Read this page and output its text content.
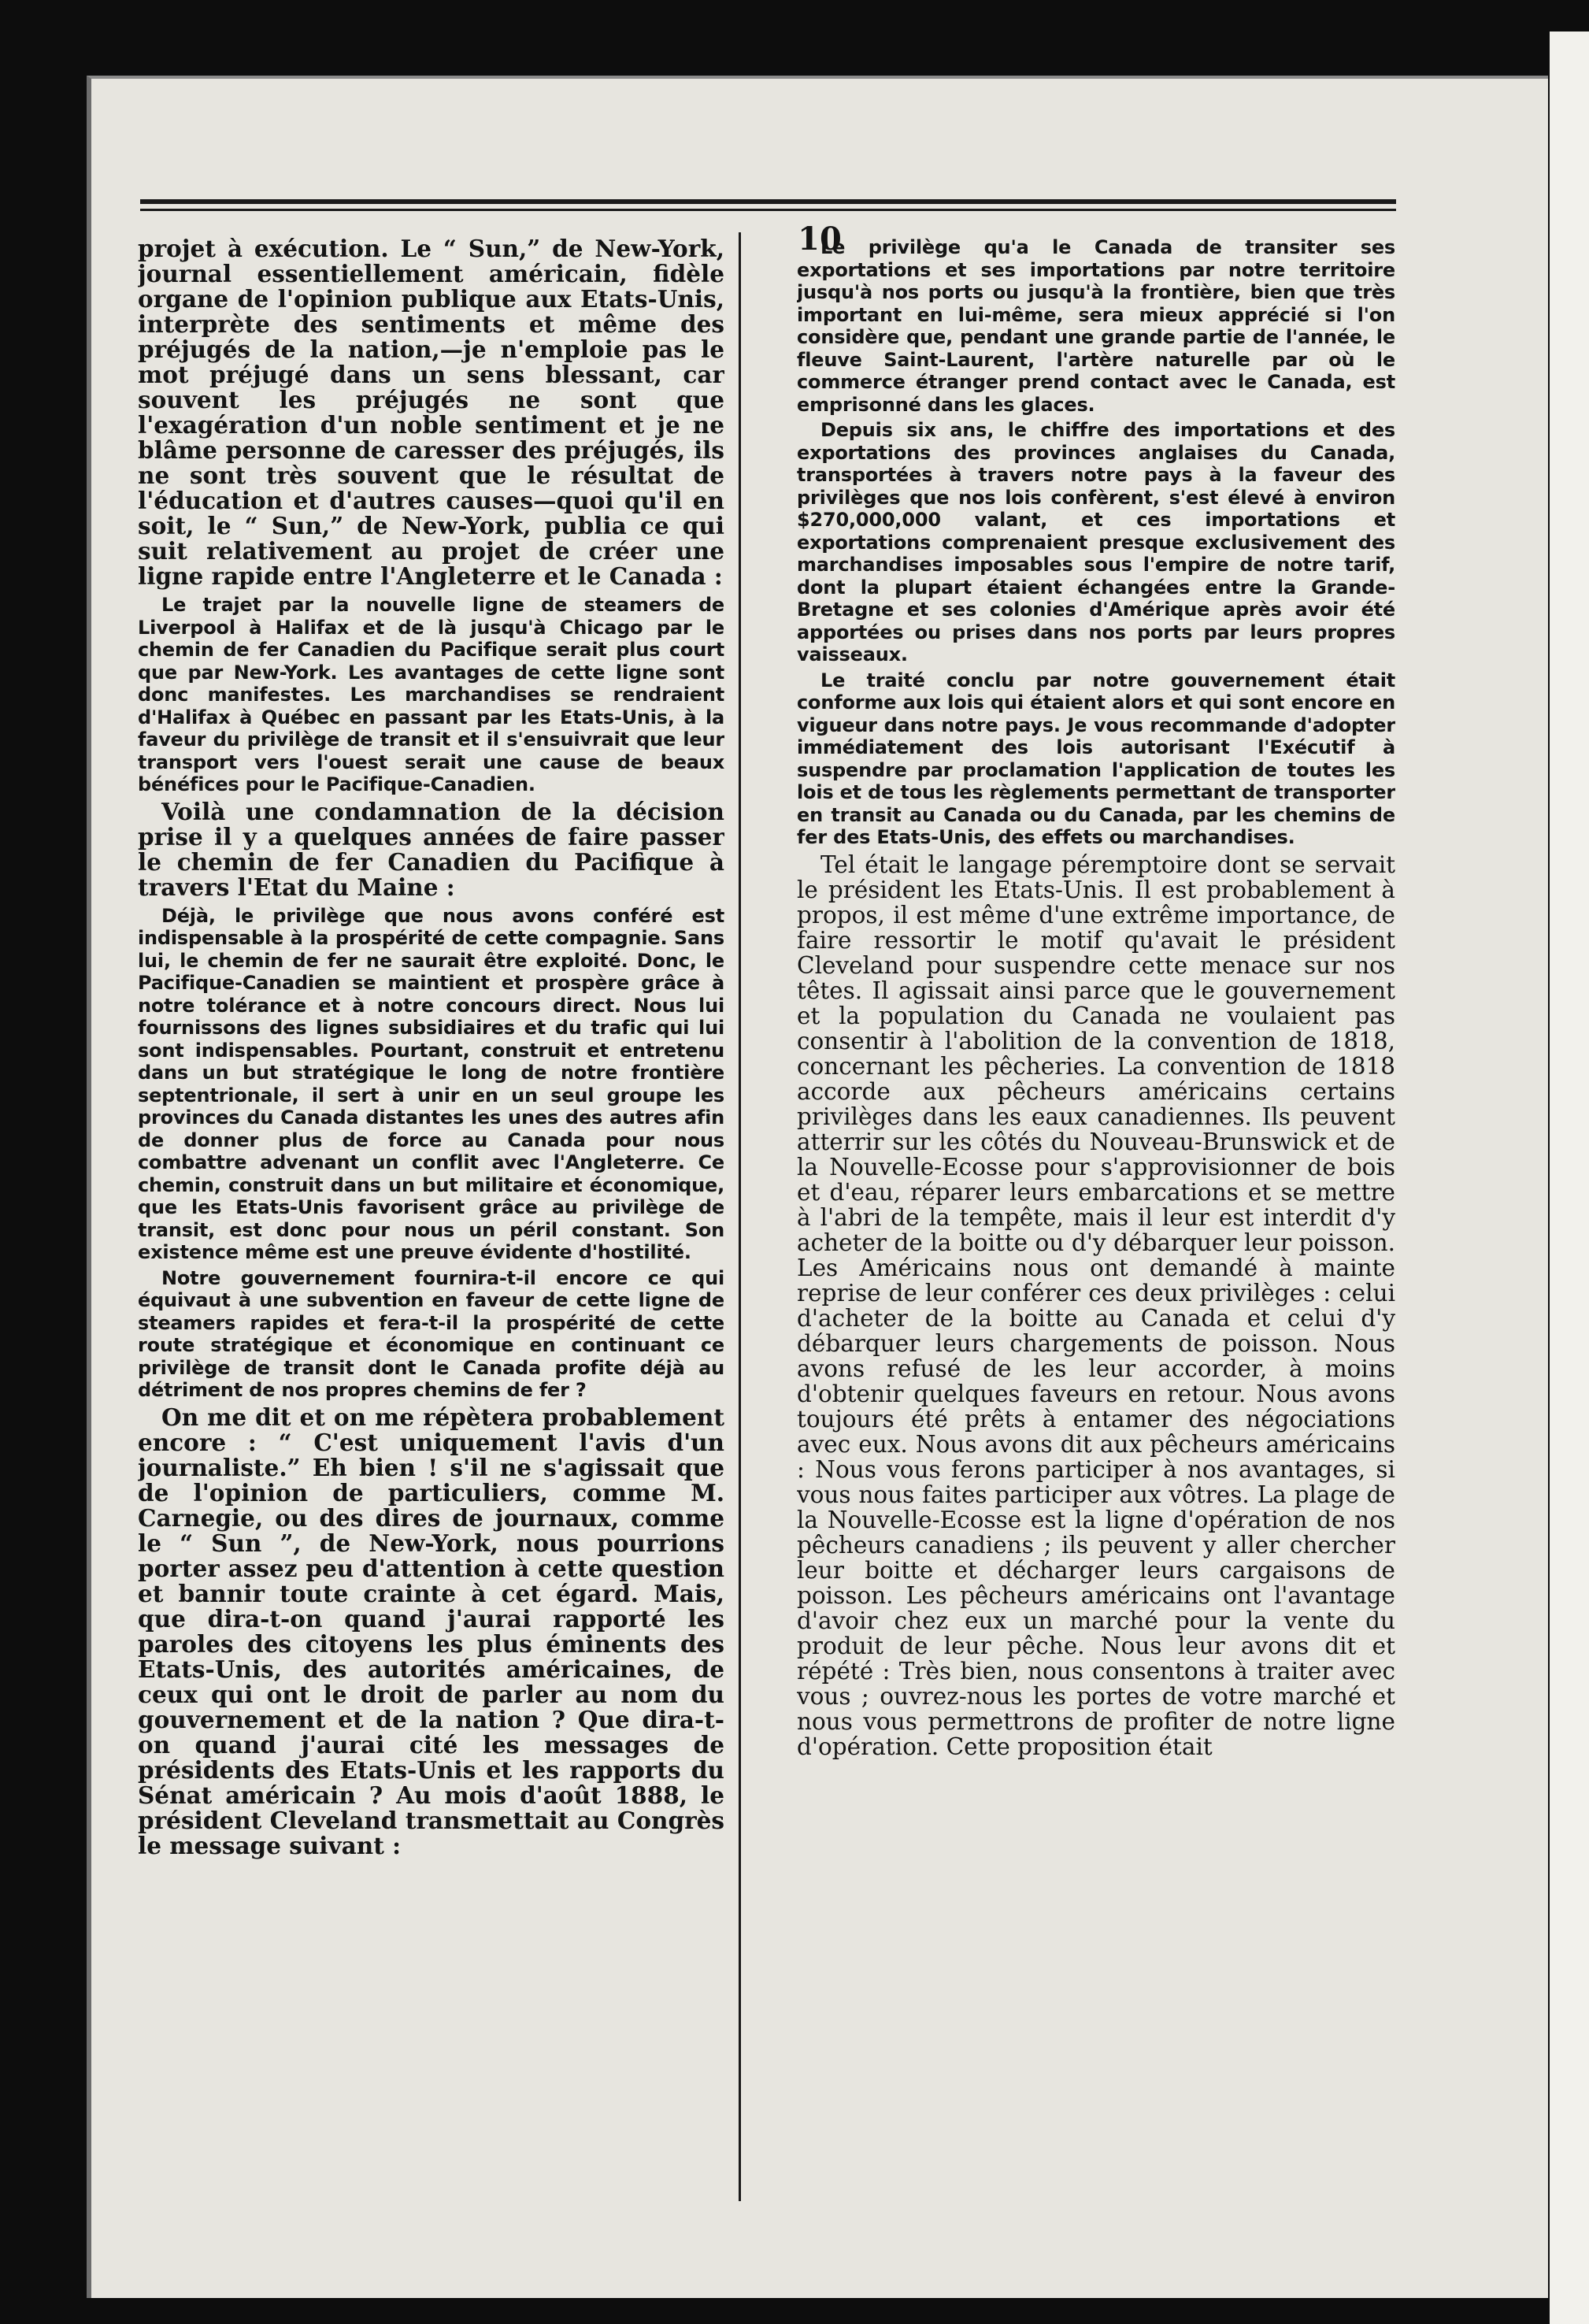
10

projet à exécution. Le “ Sun,” de New-York, journal essentiellement américain, fidèle organe de l'opinion publique aux Etats-Unis, interprète des sentiments et même des préjugés de la nation,—je n'emploie pas le mot préjugé dans un sens blessant, car souvent les préjugés ne sont que l'exagération d'un noble sentiment et je ne blâme personne de caresser des préjugés, ils ne sont très souvent que le résultat de l'éducation et d'autres causes—quoi qu'il en soit, le “ Sun,” de New-York, publia ce qui suit relativement au projet de créer une ligne rapide entre l'Angleterre et le Canada :

Le trajet par la nouvelle ligne de steamers de Liverpool à Halifax et de là jusqu'à Chicago par le chemin de fer Canadien du Pacifique serait plus court que par New-York. Les avantages de cette ligne sont donc manifestes. Les marchandises se rendraient d'Halifax à Québec en passant par les Etats-Unis, à la faveur du privilège de transit et il s'ensuivrait que leur transport vers l'ouest serait une cause de beaux bénéfices pour le Pacifique-Canadien.

Voilà une condamnation de la décision prise il y a quelques années de faire passer le chemin de fer Canadien du Pacifique à travers l'Etat du Maine :

Déjà, le privilège que nous avons conféré est indispensable à la prospérité de cette compagnie. Sans lui, le chemin de fer ne saurait être exploité. Donc, le Pacifique-Canadien se maintient et prospère grâce à notre tolérance et à notre concours direct. Nous lui fournissons des lignes subsidiaires et du trafic qui lui sont indispensables. Pourtant, construit et entretenu dans un but stratégique le long de notre frontière septentrionale, il sert à unir en un seul groupe les provinces du Canada distantes les unes des autres afin de donner plus de force au Canada pour nous combattre advenant un conflit avec l'Angleterre. Ce chemin, construit dans un but militaire et économique, que les Etats-Unis favorisent grâce au privilège de transit, est donc pour nous un péril constant. Son existence même est une preuve évidente d'hostilité.

Notre gouvernement fournira-t-il encore ce qui équivaut à une subvention en faveur de cette ligne de steamers rapides et fera-t-il la prospérité de cette route stratégique et économique en continuant ce privilège de transit dont le Canada profite déjà au détriment de nos propres chemins de fer ?

On me dit et on me répètera probablement encore : “ C'est uniquement l'avis d'un journaliste.” Eh bien ! s'il ne s'agissait que de l'opinion de particuliers, comme M. Carnegie, ou des dires de journaux, comme le “ Sun ”, de New-York, nous pourrions porter assez peu d'attention à cette question et bannir toute crainte à cet égard. Mais, que dira-t-on quand j'aurai rapporté les paroles des citoyens les plus éminents des Etats-Unis, des autorités américaines, de ceux qui ont le droit de parler au nom du gouvernement et de la nation ? Que dira-t-on quand j'aurai cité les messages de présidents des Etats-Unis et les rapports du Sénat américain ? Au mois d'août 1888, le président Cleveland transmettait au Congrès le message suivant :

Le privilège qu'a le Canada de transiter ses exportations et ses importations par notre territoire jusqu'à nos ports ou jusqu'à la frontière, bien que très important en lui-même, sera mieux apprécié si l'on considère que, pendant une grande partie de l'année, le fleuve Saint-Laurent, l'artère naturelle par où le commerce étranger prend contact avec le Canada, est emprisonné dans les glaces.

Depuis six ans, le chiffre des importations et des exportations des provinces anglaises du Canada, transportées à travers notre pays à la faveur des privilèges que nos lois confèrent, s'est élevé à environ $270,000,000 valant, et ces importations et exportations comprenaient presque exclusivement des marchandises imposables sous l'empire de notre tarif, dont la plupart étaient échangées entre la Grande-Bretagne et ses colonies d'Amérique après avoir été apportées ou prises dans nos ports par leurs propres vaisseaux.

Le traité conclu par notre gouvernement était conforme aux lois qui étaient alors et qui sont encore en vigueur dans notre pays. Je vous recommande d'adopter immédiatement des lois autorisant l'Exécutif à suspendre par proclamation l'application de toutes les lois et de tous les règlements permettant de transporter en transit au Canada ou du Canada, par les chemins de fer des Etats-Unis, des effets ou marchandises.

Tel était le langage péremptoire dont se servait le président les Etats-Unis. Il est probablement à propos, il est même d'une extrême importance, de faire ressortir le motif qu'avait le président Cleveland pour suspendre cette menace sur nos têtes. Il agissait ainsi parce que le gouvernement et la population du Canada ne voulaient pas consentir à l'abolition de la convention de 1818, concernant les pêcheries. La convention de 1818 accorde aux pêcheurs américains certains privilèges dans les eaux canadiennes. Ils peuvent atterrir sur les côtés du Nouveau-Brunswick et de la Nouvelle-Ecosse pour s'approvisionner de bois et d'eau, réparer leurs embarcations et se mettre à l'abri de la tempête, mais il leur est interdit d'y acheter de la boitte ou d'y débarquer leur poisson. Les Américains nous ont demandé à mainte reprise de leur conférer ces deux privilèges : celui d'acheter de la boitte au Canada et celui d'y débarquer leurs chargements de poisson. Nous avons refusé de les leur accorder, à moins d'obtenir quelques faveurs en retour. Nous avons toujours été prêts à entamer des négociations avec eux. Nous avons dit aux pêcheurs américains : Nous vous ferons participer à nos avantages, si vous nous faites participer aux vôtres. La plage de la Nouvelle-Ecosse est la ligne d'opération de nos pêcheurs canadiens ; ils peuvent y aller chercher leur boitte et décharger leurs cargaisons de poisson. Les pêcheurs américains ont l'avantage d'avoir chez eux un marché pour la vente du produit de leur pêche. Nous leur avons dit et répété : Très bien, nous consentons à traiter avec vous ; ouvrez-nous les portes de votre marché et nous vous permettrons de profiter de notre ligne d'opération. Cette proposition était
